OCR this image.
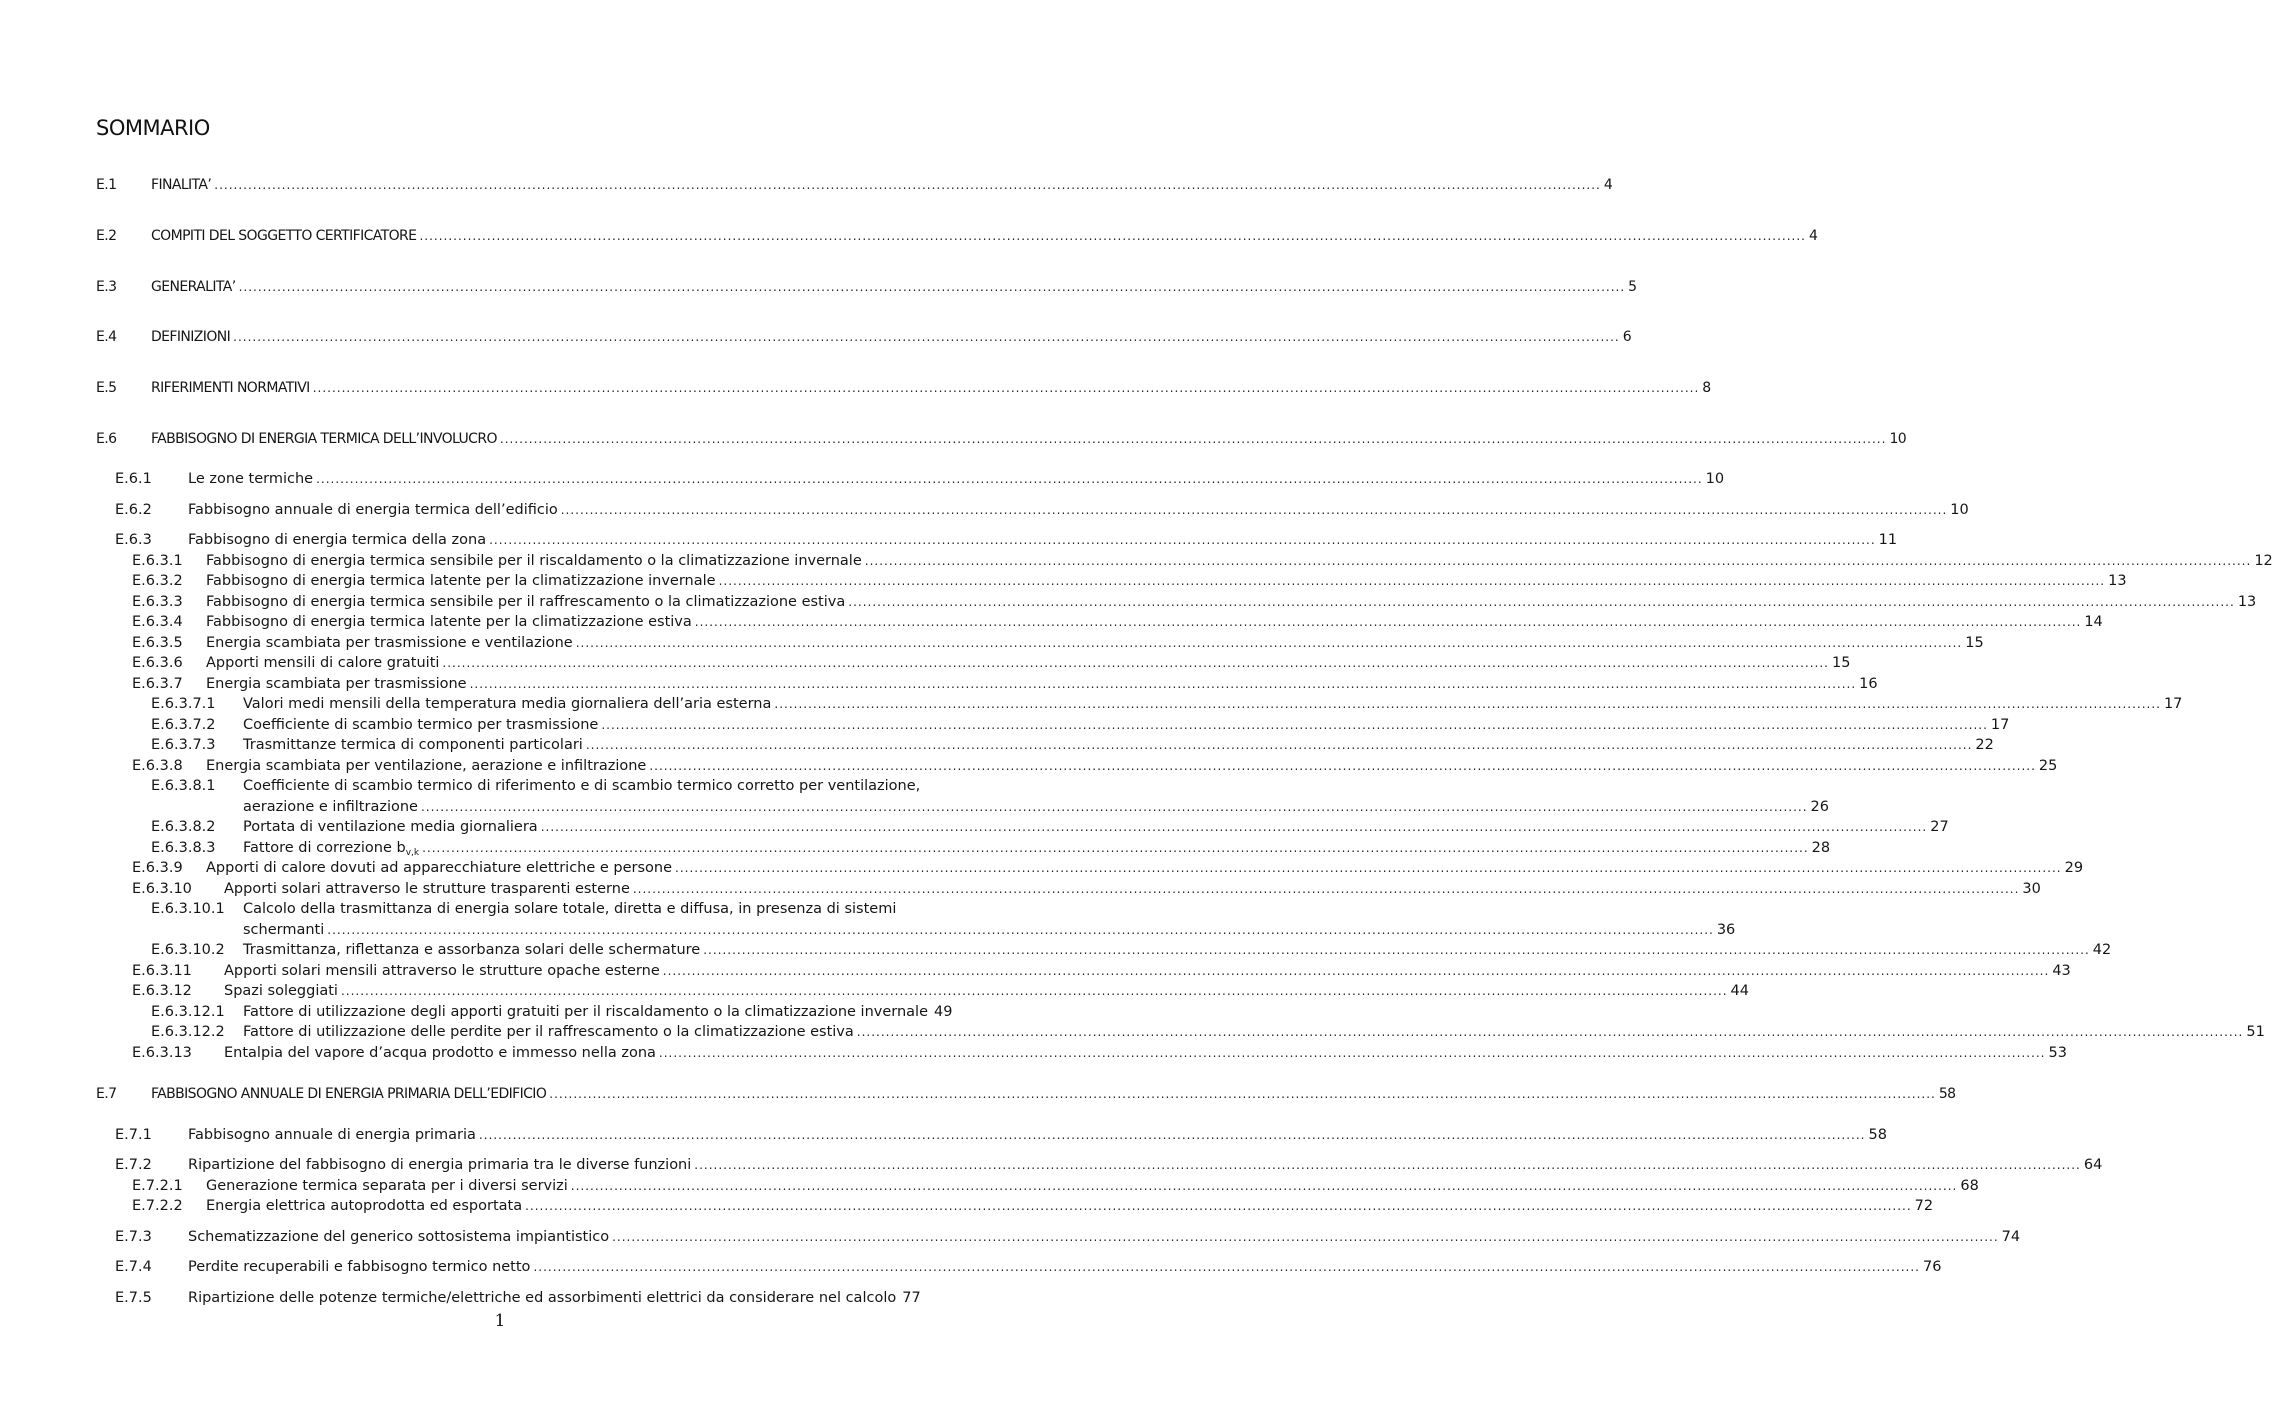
SOMMARIO
E.1 FINALITA’ .....	4
E.2 COMPITI DEL SOGGETTO CERTIFICATORE .....	4
E.3 GENERALITA’ .....	5
E.4 DEFINIZIONI .....	6
E.5 RIFERIMENTI NORMATIVI .....	8
E.6 FABBISOGNO DI ENERGIA TERMICA DELL’INVOLUCRO .....	10
E.6.1 Le zone termiche .....	10
E.6.2 Fabbisogno annuale di energia termica dell’edificio .....	10
E.6.3 Fabbisogno di energia termica della zona .....	11
E.6.3.1 Fabbisogno di energia termica sensibile per il riscaldamento o la climatizzazione invernale .....	12
E.6.3.2 Fabbisogno di energia termica latente per la climatizzazione invernale .....	13
E.6.3.3 Fabbisogno di energia termica sensibile per il raffrescamento o la climatizzazione estiva .....	13
E.6.3.4 Fabbisogno di energia termica latente per la climatizzazione estiva .....	14
E.6.3.5 Energia scambiata per trasmissione e ventilazione .....	15
E.6.3.6 Apporti mensili di calore gratuiti .....	15
E.6.3.7 Energia scambiata per trasmissione .....	16
E.6.3.7.1 Valori medi mensili della temperatura media giornaliera dell’aria esterna .....	17
E.6.3.7.2 Coefficiente di scambio termico per trasmissione .....	17
E.6.3.7.3 Trasmittanze termica di componenti particolari .....	22
E.6.3.8 Energia scambiata per ventilazione, aerazione e infiltrazione .....	25
E.6.3.8.1 Coefficiente di scambio termico di riferimento e di scambio termico corretto per ventilazione,
aerazione e infiltrazione .....	26
E.6.3.8.2 Portata di ventilazione media giornaliera .....	27
E.6.3.8.3 Fattore di correzione $b_{v,k}$ .....	28
E.6.3.9 Apporti di calore dovuti ad apparecchiature elettriche e persone .....	29
E.6.3.10 Apporti solari attraverso le strutture trasparenti esterne .....	30
E.6.3.10.1 Calcolo della trasmittanza di energia solare totale, diretta e diffusa, in presenza di sistemi
schermanti .....	36
E.6.3.10.2 Trasmittanza, riflettanza e assorbanza solari delle schermature .....	42
E.6.3.11 Apporti solari mensili attraverso le strutture opache esterne .....	43
E.6.3.12 Spazi soleggiati .....	44
E.6.3.12.1 Fattore di utilizzazione degli apporti gratuiti per il riscaldamento o la climatizzazione invernale 49
E.6.3.12.2 Fattore di utilizzazione delle perdite per il raffrescamento o la climatizzazione estiva .....	51
E.6.3.13 Entalpia del vapore d’acqua prodotto e immesso nella zona .....	53
E.7 FABBISOGNO ANNUALE DI ENERGIA PRIMARIA DELL’EDIFICIO .....	58
E.7.1 Fabbisogno annuale di energia primaria .....	58
E.7.2 Ripartizione del fabbisogno di energia primaria tra le diverse funzioni .....	64
E.7.2.1 Generazione termica separata per i diversi servizi .....	68
E.7.2.2 Energia elettrica autoprodotta ed esportata .....	72
E.7.3 Schematizzazione del generico sottosistema impiantistico .....	74
E.7.4 Perdite recuperabili e fabbisogno termico netto .....	76
E.7.5 Ripartizione delle potenze termiche/elettriche ed assorbimenti elettrici da considerare nel calcolo 77
1
